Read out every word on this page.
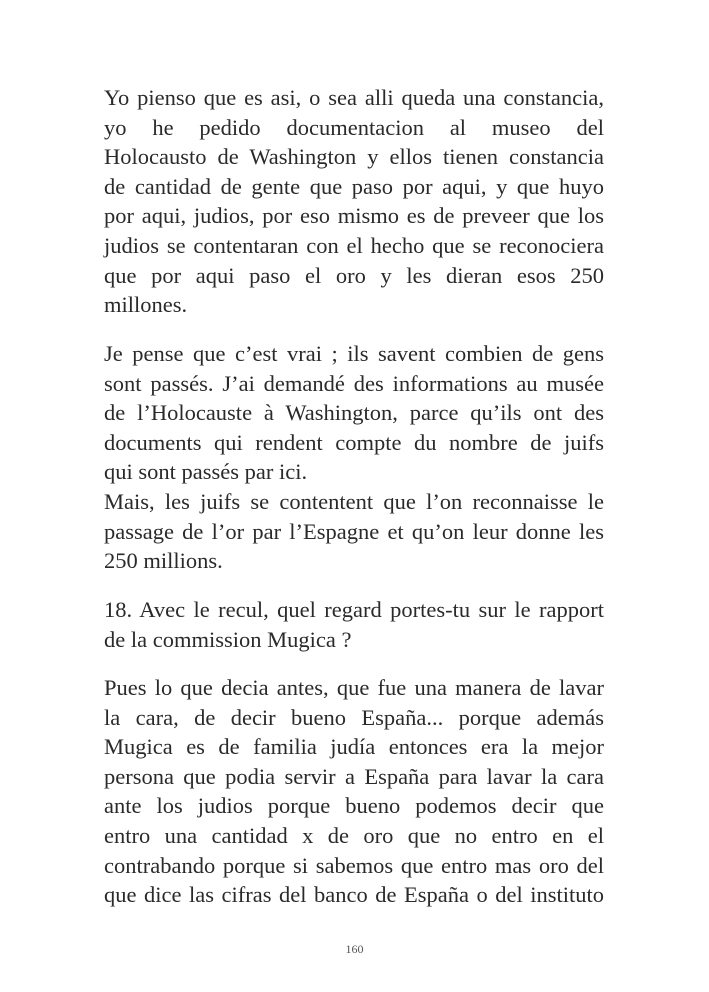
Yo pienso que es asi, o sea alli queda una constancia,
yo he pedido documentacion al museo del
Holocausto de Washington y ellos tienen constancia
de cantidad de gente que paso por aqui, y que huyo
por aqui, judios, por eso mismo es de preveer que los
judios se contentaran con el hecho que se reconociera
que por aqui paso el oro y les dieran esos 250
millones.
Je pense que c’est vrai ; ils savent combien de gens
sont passés. J’ai demandé des informations au musée
de l’Holocauste à Washington, parce qu’ils ont des
documents qui rendent compte du nombre de juifs
qui sont passés par ici.
Mais, les juifs se contentent que l’on reconnaisse le
passage de l’or par l’Espagne et qu’on leur donne les
250 millions.
18. Avec le recul, quel regard portes-tu sur le rapport
de la commission Mugica ?
Pues lo que decia antes, que fue una manera de lavar
la cara, de decir bueno España... porque además
Mugica es de familia judía entonces era la mejor
persona que podia servir a España para lavar la cara
ante los judios porque bueno podemos decir que
entro una cantidad x de oro que no entro en el
contrabando porque si sabemos que entro mas oro del
que dice las cifras del banco de España o del instituto
160
